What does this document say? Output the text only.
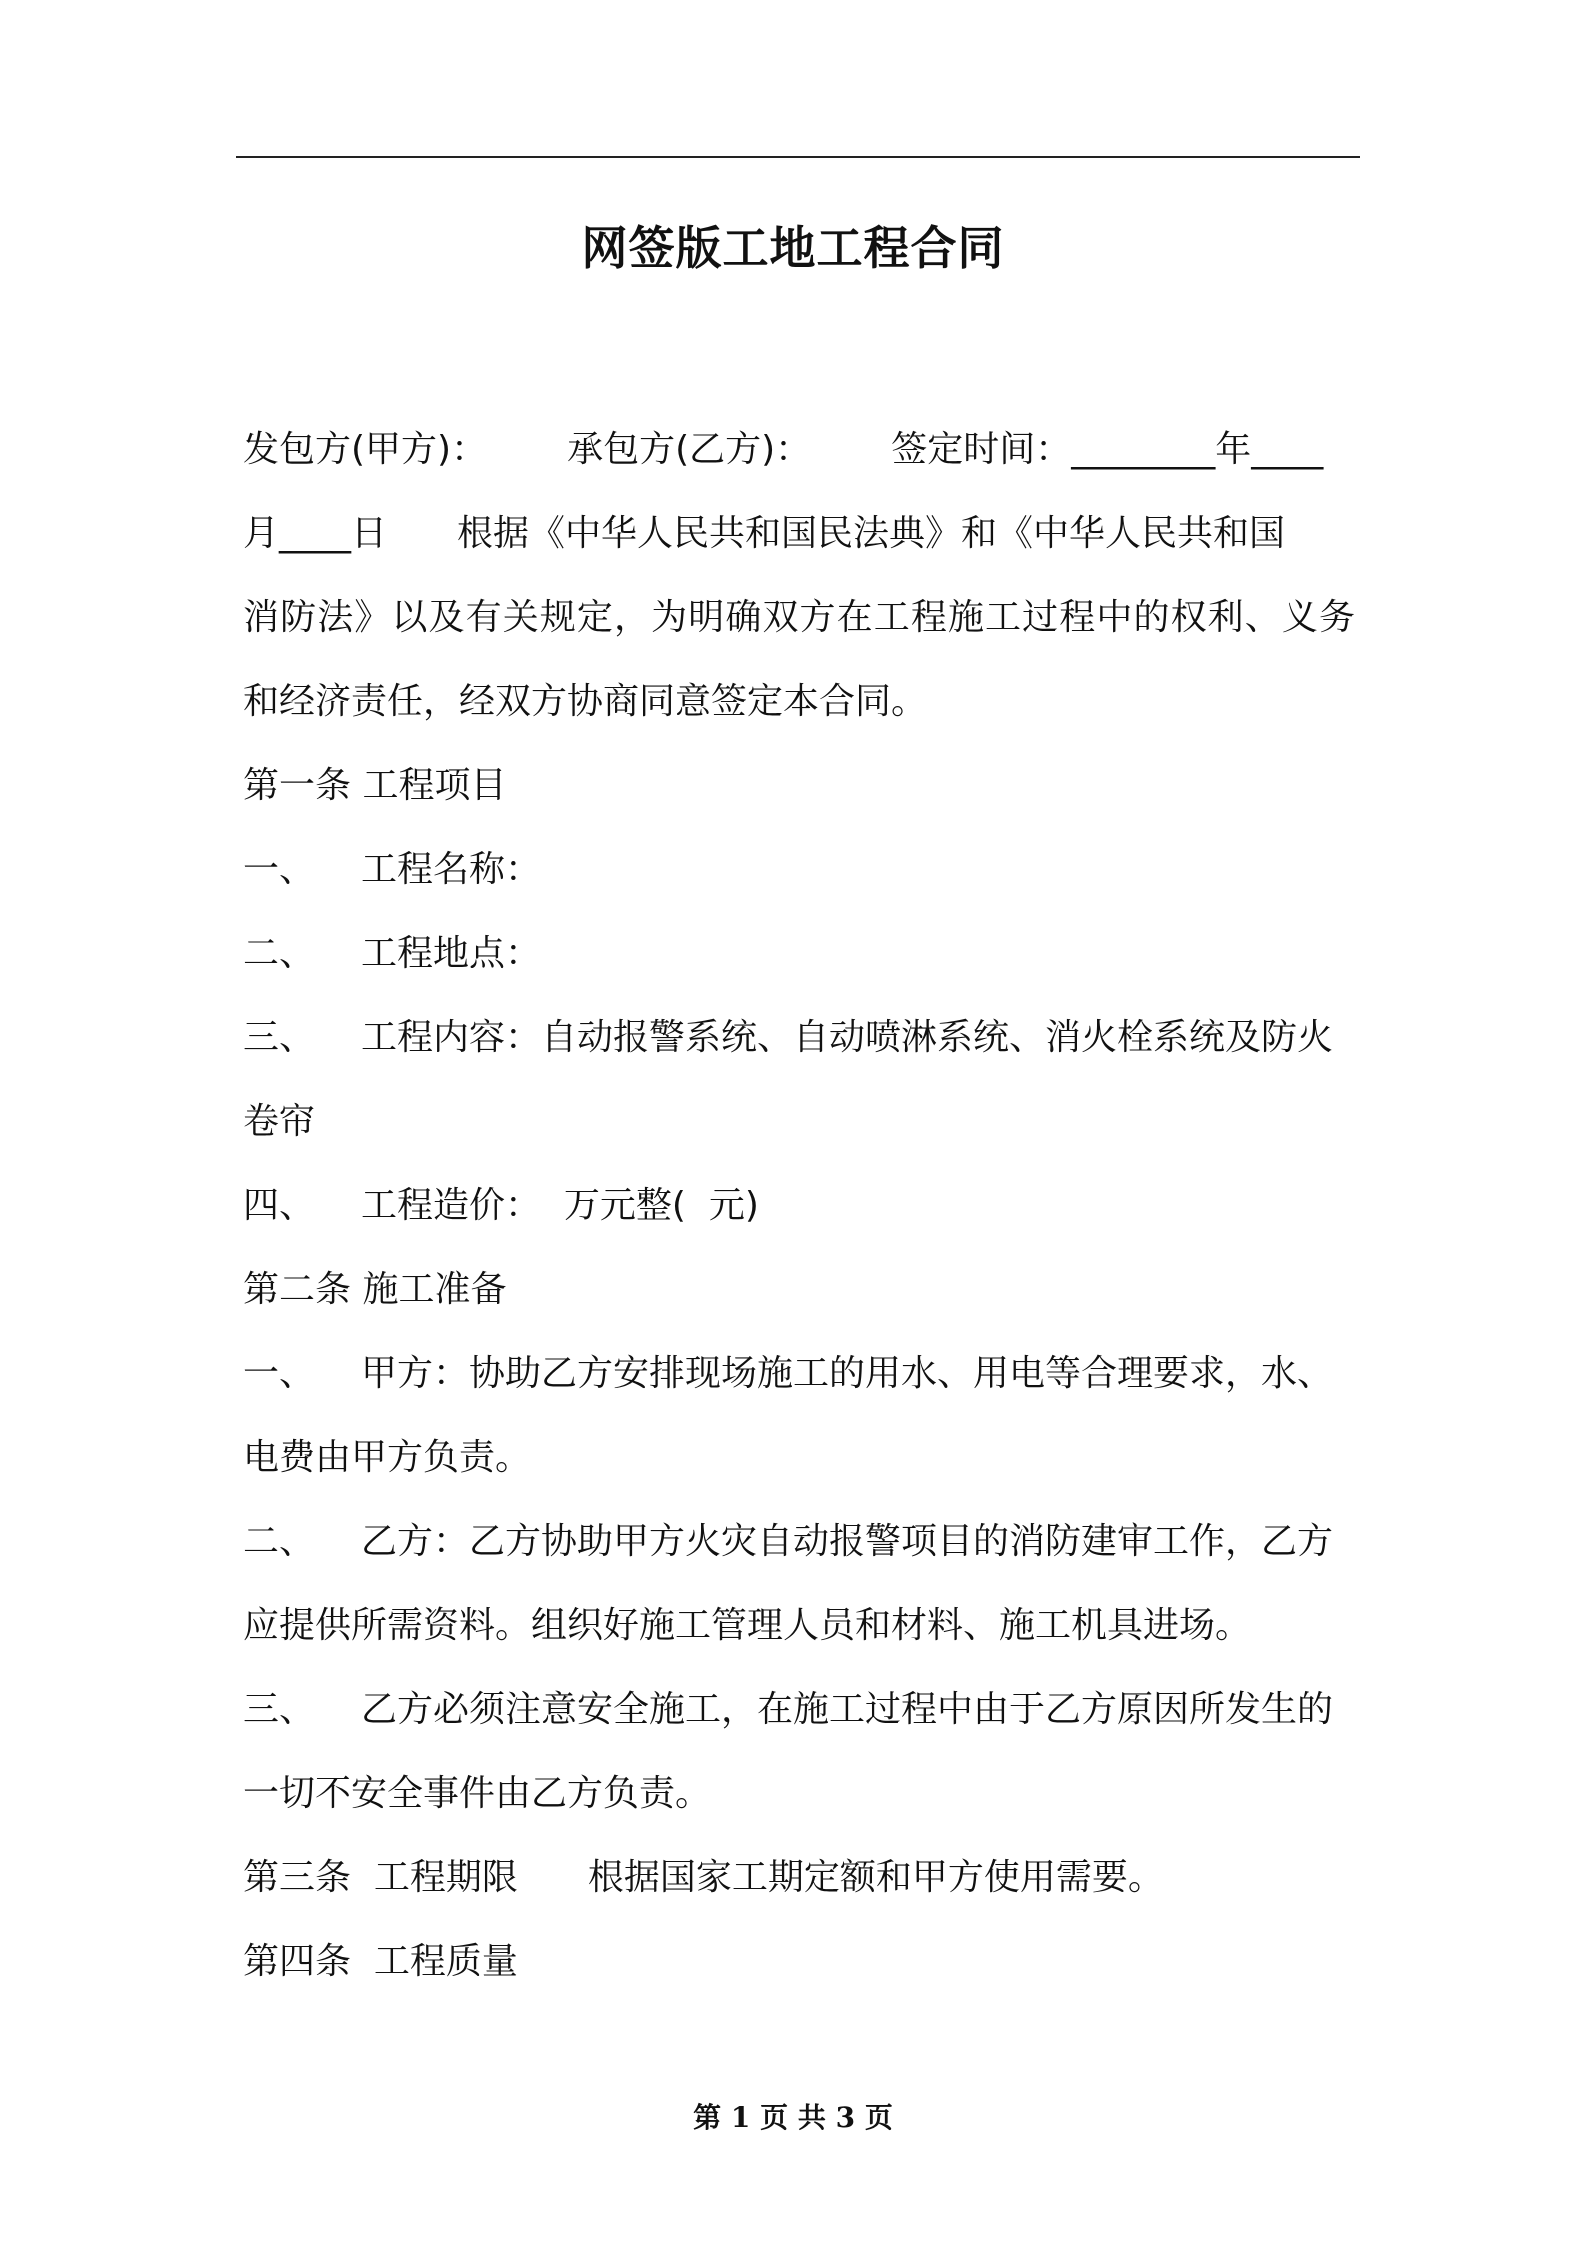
网签版工地工程合同
发包方(甲方)： 承包方(乙方)： 签定时间：________年____
月____日 根据《中华人民共和国民法典》和《中华人民共和国
消防法》以及有关规定，为明确双方在工程施工过程中的权利、义务
和经济责任，经双方协商同意签定本合同。
第一条 工程项目
一、 工程名称：
二、 工程地点：
三、 工程内容：自动报警系统、自动喷淋系统、消火栓系统及防火
卷帘
四、 工程造价：  万元整(  元)
第二条 施工准备
一、 甲方：协助乙方安排现场施工的用水、用电等合理要求，水、
电费由甲方负责。
二、 乙方：乙方协助甲方火灾自动报警项目的消防建审工作，乙方
应提供所需资料。组织好施工管理人员和材料、施工机具进场。
三、 乙方必须注意安全施工，在施工过程中由于乙方原因所发生的
一切不安全事件由乙方负责。
第三条  工程期限 根据国家工期定额和甲方使用需要。
第四条  工程质量
第 1 页 共 3 页
